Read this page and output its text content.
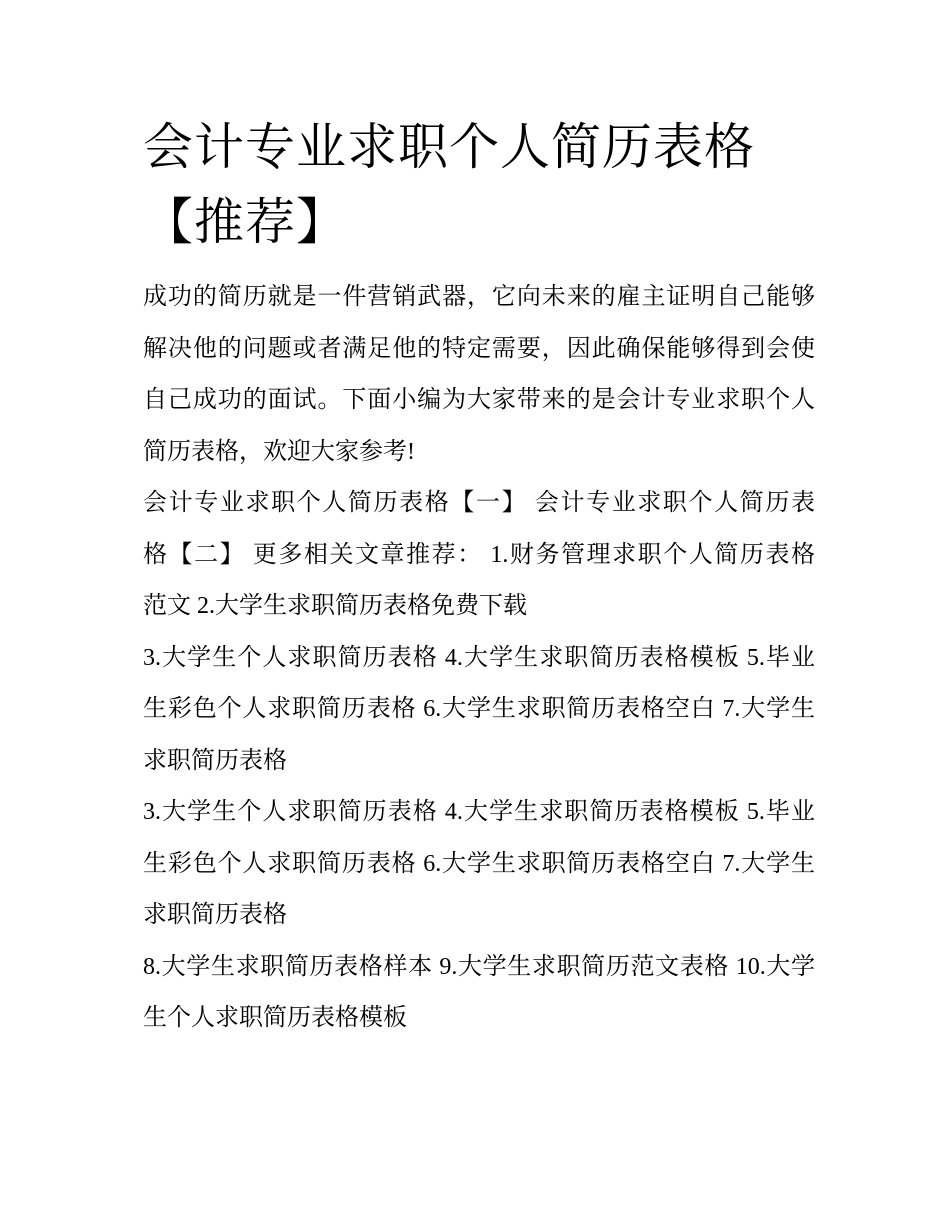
会计专业求职个人简历表格
【推荐】
成功的简历就是一件营销武器，它向未来的雇主证明自己能够
解决他的问题或者满足他的特定需要，因此确保能够得到会使
自己成功的面试。下面小编为大家带来的是会计专业求职个人
简历表格，欢迎大家参考!
会计专业求职个人简历表格【一】 会计专业求职个人简历表
格【二】 更多相关文章推荐： 1.财务管理求职个人简历表格
范文 2.大学生求职简历表格免费下载
3.大学生个人求职简历表格 4.大学生求职简历表格模板 5.毕业
生彩色个人求职简历表格 6.大学生求职简历表格空白 7.大学生
求职简历表格
3.大学生个人求职简历表格 4.大学生求职简历表格模板 5.毕业
生彩色个人求职简历表格 6.大学生求职简历表格空白 7.大学生
求职简历表格
8.大学生求职简历表格样本 9.大学生求职简历范文表格 10.大学
生个人求职简历表格模板
